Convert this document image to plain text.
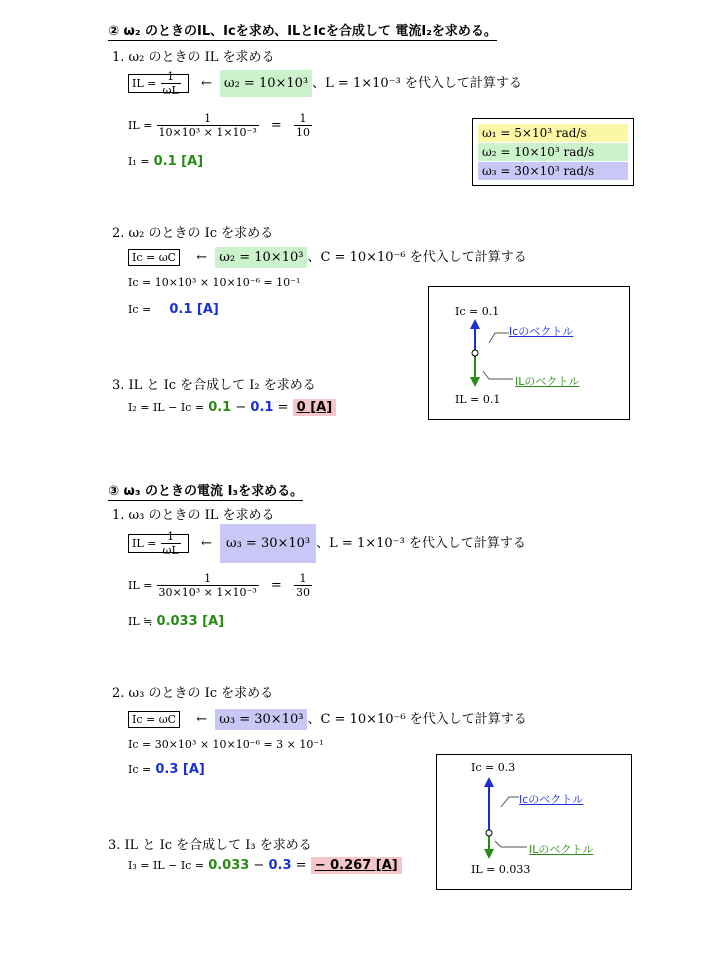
② ω₂ のときのIL、Icを求め、ILとIcを合成して 電流I₂を求める。
1. ω₂ のときの IL を求める
IL = $\frac{1}{\omega L}$ ← ω₂ = 10×10³ 、L = 1×10⁻³ を代入して計算する
IL = $\frac{1}{\text{10×10³ × 1×10⁻³}} = \frac{1}{10}$
I₁ = 0.1 [A]
ω₁ = 5×10³ rad/s
ω₂ = 10×10³ rad/s
ω₃ = 30×10³ rad/s
2. ω₂ のときの Ic を求める
Ic = ωC ← ω₂ = 10×10³ 、C = 10×10⁻⁶ を代入して計算する
Ic = 10×10³ × 10×10⁻⁶ = 10⁻¹
Ic = 0.1 [A]	Ic = 0.1
Icのベクトル
ILのベクトル
IL = 0.1
3. IL と Ic を合成して I₂ を求める
I₂ = IL − Ic = 0.1 − 0.1 = 0 [A]
③ ω₃ のときの電流 I₃を求める。
1. ω₃ のときの IL を求める
IL = $\frac{1}{\omega L}$ ← ω₃ = 30×10³ 、L = 1×10⁻³ を代入して計算する
IL = $\frac{1}{\text{30×10³ × 1×10⁻³}} = \frac{1}{30}$
IL ≒ 0.033 [A]
2. ω₃ のときの Ic を求める
Ic = ωC ← ω₃ = 30×10³ 、C = 10×10⁻⁶ を代入して計算する
Ic = 30×10³ × 10×10⁻⁶ = 3 × 10⁻¹
Ic = 0.3 [A]	Ic = 0.3
Icのベクトル
ILのベクトル
IL = 0.033
3. IL と Ic を合成して I₃ を求める
I₃ = IL − Ic = 0.033 − 0.3 = − 0.267 [A]
